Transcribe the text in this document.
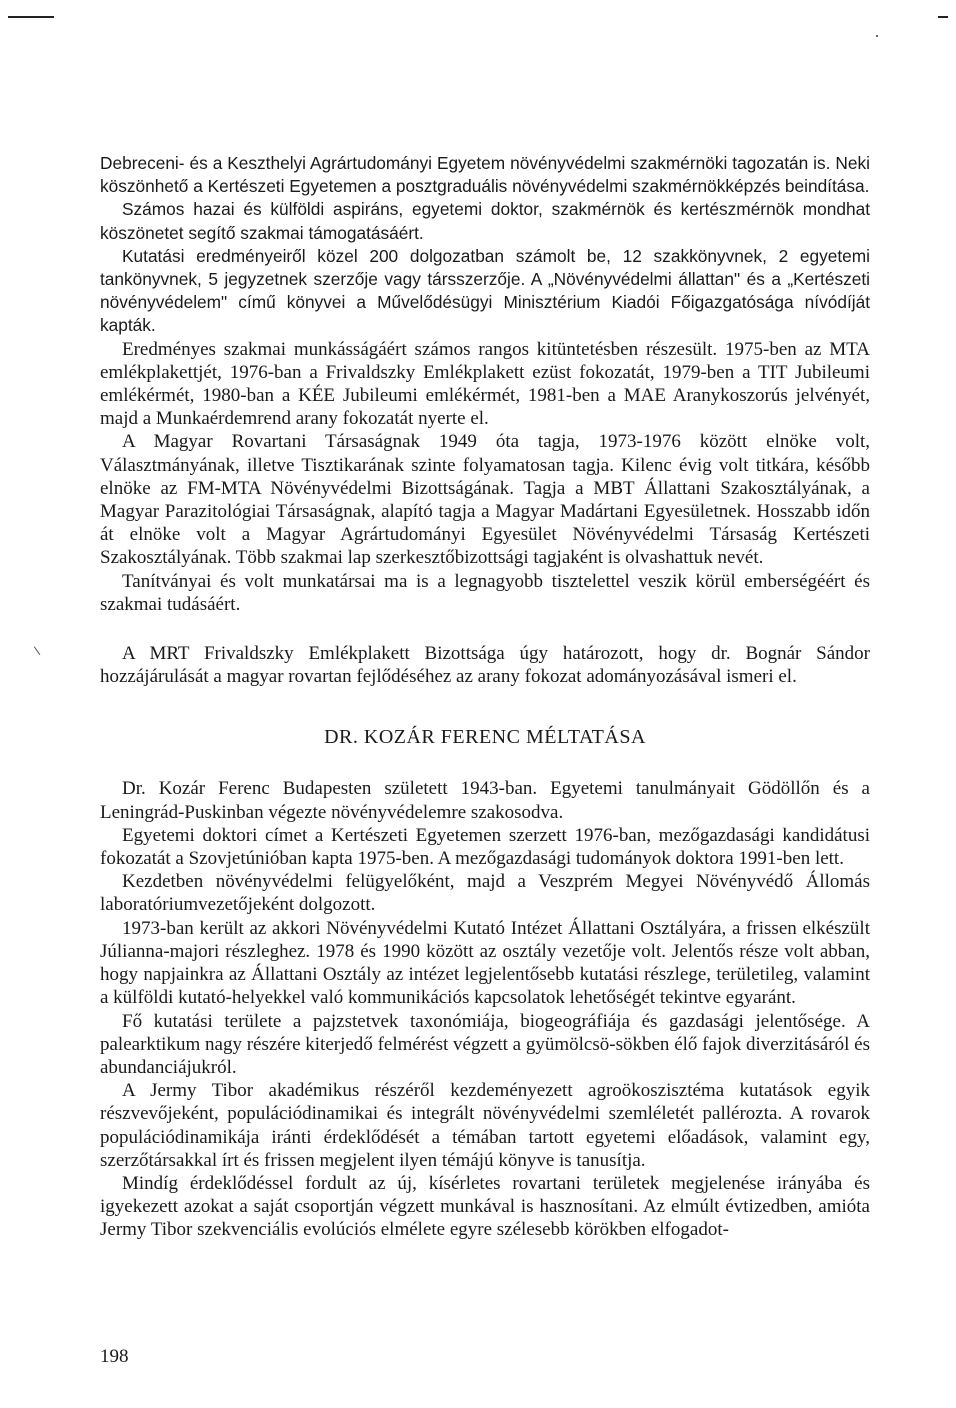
Debreceni- és a Keszthelyi Agrártudományi Egyetem növényvédelmi szakmérnöki tagozatán is. Neki köszönhető a Kertészeti Egyetemen a posztgraduális növényvédelmi szakmérnökképzés beindítása.

Számos hazai és külföldi aspiráns, egyetemi doktor, szakmérnök és kertészmérnök mondhat köszönetet segítő szakmai támogatásáért.

Kutatási eredményeiről közel 200 dolgozatban számolt be, 12 szakkönyvnek, 2 egyetemi tankönyvnek, 5 jegyzetnek szerzője vagy társszerzője. A „Növényvédelmi állattan" és a „Kertészeti növényvédelem" című könyvei a Művelődésügyi Minisztérium Kiadói Főigazgatósága nívódíját kapták.

Eredményes szakmai munkásságáért számos rangos kitüntetésben részesült. 1975-ben az MTA emlékplakettjét, 1976-ban a Frivaldszky Emlékplakett ezüst fokozatát, 1979-ben a TIT Jubileumi emlékérmét, 1980-ban a KÉE Jubileumi emlékérmét, 1981-ben a MAE Aranykoszorús jelvényét, majd a Munkaérdemrend arany fokozatát nyerte el.

A Magyar Rovartani Társaságnak 1949 óta tagja, 1973-1976 között elnöke volt, Választmányának, illetve Tisztikarának szinte folyamatosan tagja. Kilenc évig volt titkára, később elnöke az FM-MTA Növényvédelmi Bizottságának. Tagja a MBT Állattani Szakosztályának, a Magyar Parazitológiai Társaságnak, alapító tagja a Magyar Madártani Egyesületnek. Hosszabb időn át elnöke volt a Magyar Agrártudományi Egyesület Növényvédelmi Társaság Kertészeti Szakosztályának. Több szakmai lap szerkesztőbizottsági tagjaként is olvashattuk nevét.

Tanítványai és volt munkatársai ma is a legnagyobb tisztelettel veszik körül emberségéért és szakmai tudásáért.

A MRT Frivaldszky Emlékplakett Bizottsága úgy határozott, hogy dr. Bognár Sándor hozzájárulását a magyar rovartan fejlődéséhez az arany fokozat adományozásával ismeri el.

DR. KOZÁR FERENC MÉLTATÁSA

Dr. Kozár Ferenc Budapesten született 1943-ban. Egyetemi tanulmányait Gödöllőn és a Leningrád-Puskinban végezte növényvédelemre szakosodva.

Egyetemi doktori címet a Kertészeti Egyetemen szerzett 1976-ban, mezőgazdasági kandidátusi fokozatát a Szovjetúnióban kapta 1975-ben. A mezőgazdasági tudományok doktora 1991-ben lett.

Kezdetben növényvédelmi felügyelőként, majd a Veszprém Megyei Növényvédő Állomás laboratóriumvezetőjeként dolgozott.

1973-ban került az akkori Növényvédelmi Kutató Intézet Állattani Osztályára, a frissen elkészült Júlianna-majori részleghez. 1978 és 1990 között az osztály vezetője volt. Jelentős része volt abban, hogy napjainkra az Állattani Osztály az intézet legjelentősebb kutatási részlege, területileg, valamint a külföldi kutató-helyekkel való kommunikációs kapcsolatok lehetőségét tekintve egyaránt.

Fő kutatási területe a pajzstetvek taxonómiája, biogeográfiája és gazdasági jelentősége. A palearktikum nagy részére kiterjedő felmérést végzett a gyümölcsö-sökben élő fajok diverzitásáról és abundanciájukról.

A Jermy Tibor akadémikus részéről kezdeményezett agroökoszisztéma kutatások egyik részvevőjeként, populációdinamikai és integrált növényvédelmi szemléletét pallérozta. A rovarok populációdinamikája iránti érdeklődését a témában tartott egyetemi előadások, valamint egy, szerzőtársakkal írt és frissen megjelent ilyen témájú könyve is tanusítja.

Mindíg érdeklődéssel fordult az új, kísérletes rovartani területek megjelenése irányába és igyekezett azokat a saját csoportján végzett munkával is hasznosítani. Az elmúlt évtizedben, amióta Jermy Tibor szekvenciális evolúciós elmélete egyre szélesebb körökben elfogadot-

198
